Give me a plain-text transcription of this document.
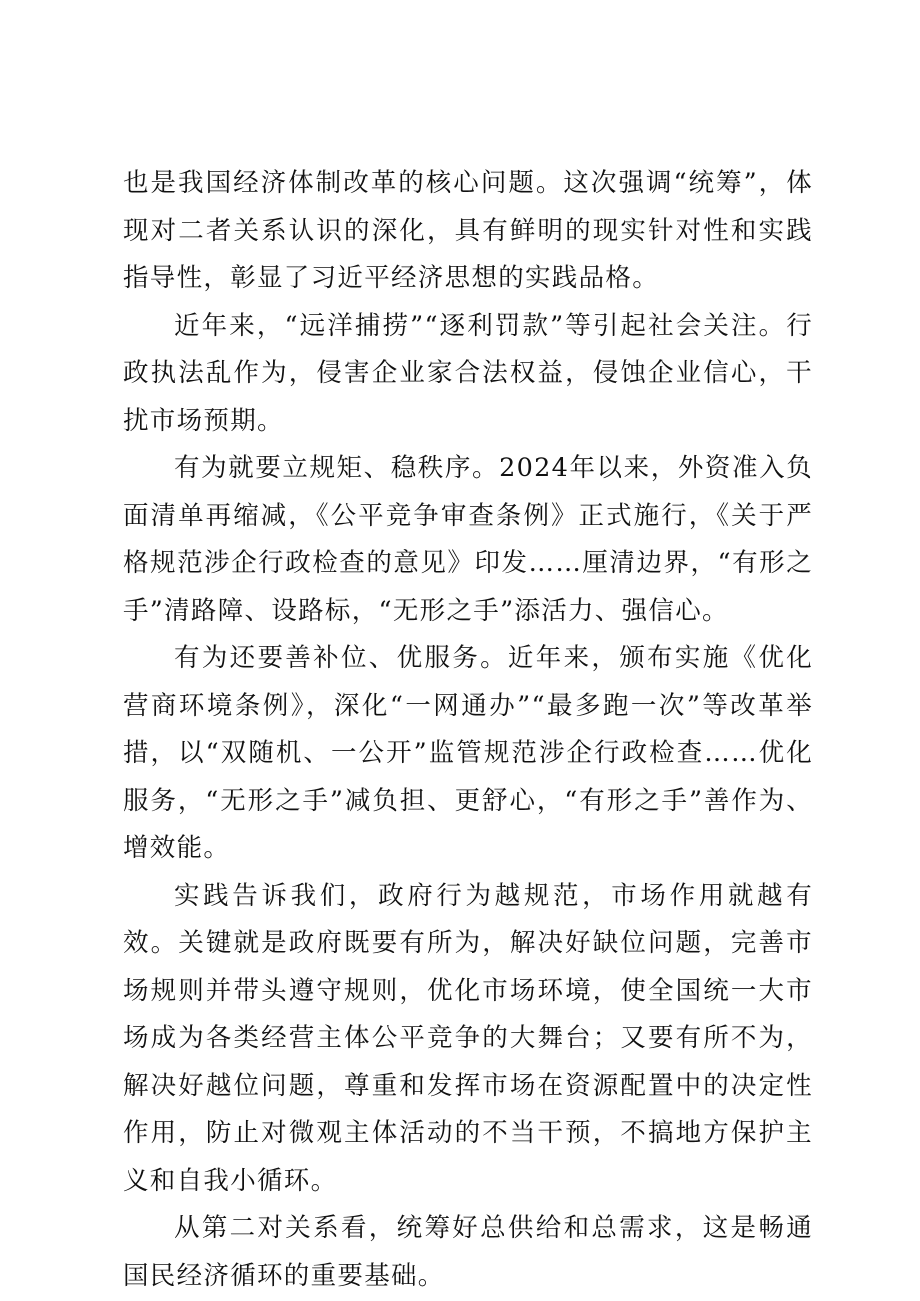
也是我国经济体制改革的核心问题。这次强调“统筹”，体现对二者关系认识的深化，具有鲜明的现实针对性和实践指导性，彰显了习近平经济思想的实践品格。

近年来，“远洋捕捞”“逐利罚款”等引起社会关注。行政执法乱作为，侵害企业家合法权益，侵蚀企业信心，干扰市场预期。

有为就要立规矩、稳秩序。2024年以来，外资准入负面清单再缩减，《公平竞争审查条例》正式施行，《关于严格规范涉企行政检查的意见》印发……厘清边界，“有形之手”清路障、设路标，“无形之手”添活力、强信心。

有为还要善补位、优服务。近年来，颁布实施《优化营商环境条例》，深化“一网通办”“最多跑一次”等改革举措，以“双随机、一公开”监管规范涉企行政检查……优化服务，“无形之手”减负担、更舒心，“有形之手”善作为、增效能。

实践告诉我们，政府行为越规范，市场作用就越有效。关键就是政府既要有所为，解决好缺位问题，完善市场规则并带头遵守规则，优化市场环境，使全国统一大市场成为各类经营主体公平竞争的大舞台；又要有所不为，解决好越位问题，尊重和发挥市场在资源配置中的决定性作用，防止对微观主体活动的不当干预，不搞地方保护主义和自我小循环。

从第二对关系看，统筹好总供给和总需求，这是畅通国民经济循环的重要基础。
